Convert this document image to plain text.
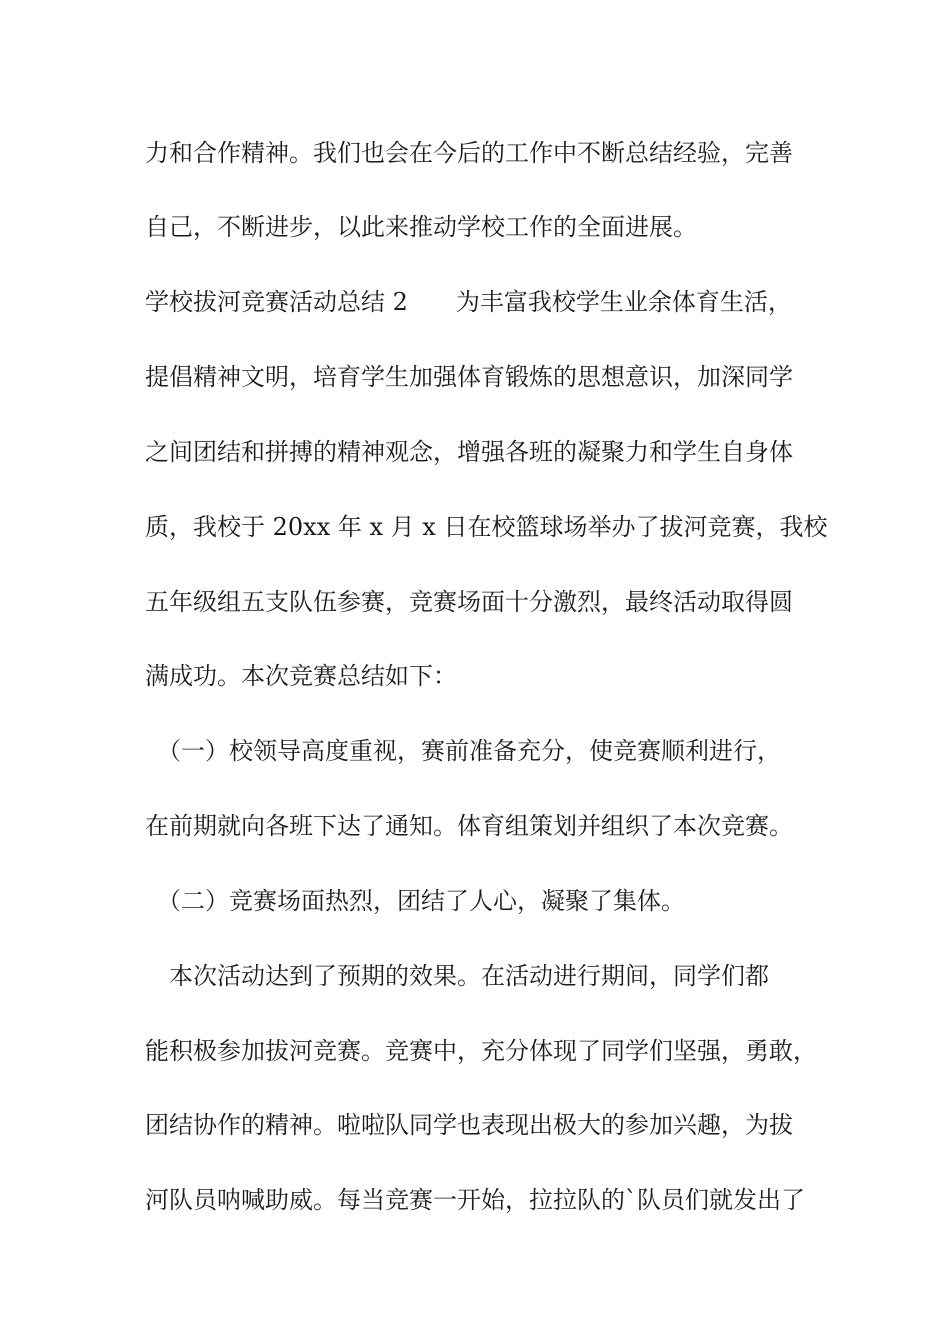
力和合作精神。我们也会在今后的工作中不断总结经验，完善

自己，不断进步，以此来推动学校工作的全面进展。

学校拔河竞赛活动总结 2　　为丰富我校学生业余体育生活，

提倡精神文明，培育学生加强体育锻炼的思想意识，加深同学

之间团结和拼搏的精神观念，增强各班的凝聚力和学生自身体

质，我校于 20xx 年 x 月 x 日在校篮球场举办了拔河竞赛，我校

五年级组五支队伍参赛，竞赛场面十分激烈，最终活动取得圆

满成功。本次竞赛总结如下：

　（一）校领导高度重视，赛前准备充分，使竞赛顺利进行，

在前期就向各班下达了通知。体育组策划并组织了本次竞赛。

　（二）竞赛场面热烈，团结了人心，凝聚了集体。

　本次活动达到了预期的效果。在活动进行期间，同学们都

能积极参加拔河竞赛。竞赛中，充分体现了同学们坚强，勇敢，

团结协作的精神。啦啦队同学也表现出极大的参加兴趣，为拔

河队员呐喊助威。每当竞赛一开始，拉拉队的`队员们就发出了
